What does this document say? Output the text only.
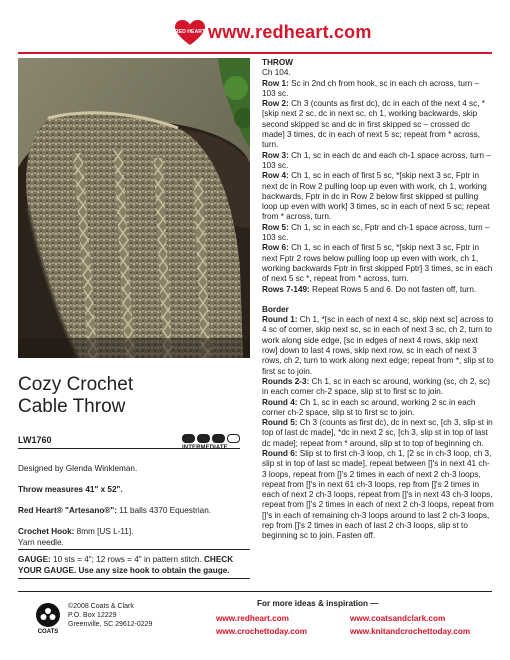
RED HEART www.redheart.com
Cozy Crochet
Cable Throw
LW1760
INTERMEDIATE
Designed by Glenda Winkleman.
Throw measures 41" x 52".
Red Heart® "Artesano®": 11 balls 4370 Equestrian.
Crochet Hook: 8mm [US L-11].
Yarn needle.
GAUGE: 10 sts = 4"; 12 rows = 4" in pattern stitch. CHECK YOUR GAUGE. Use any size hook to obtain the gauge.

THROW

Ch 104.

Row 1: Sc in 2nd ch from hook, sc in each ch across, turn – 103 sc.

Row 2: Ch 3 (counts as first dc), dc in each of the next 4 sc, *[skip next 2 sc, dc in next sc, ch 1, working backwards, skip second skipped sc and dc in first skipped sc – crossed dc made] 3 times, dc in each of next 5 sc; repeat from * across, turn.

Row 3: Ch 1, sc in each dc and each ch-1 space across, turn – 103 sc.

Row 4: Ch 1, sc in each of first 5 sc, *[skip next 3 sc, Fptr in next dc in Row 2 pulling loop up even with work, ch 1, working backwards, Fptr in dc in Row 2 below first skipped st pulling loop up even with work] 3 times, sc in each of next 5 sc; repeat from * across, turn.

Row 5: Ch 1, sc in each sc, Fptr and ch-1 space across, turn – 103 sc.

Row 6: Ch 1, sc in each of first 5 sc, *[skip next 3 sc, Fptr in next Fptr 2 rows below pulling loop up even with work, ch 1, working backwards Fptr in first skipped Fptr] 3 times, sc in each of next 5 sc *, repeat from * across, turn.

Rows 7-149: Repeat Rows 5 and 6. Do not fasten off, turn.

Border

Round 1: Ch 1, *[sc in each of next 4 sc, skip next sc] across to 4 sc of corner, skip next sc, sc in each of next 3 sc, ch 2, turn to work along side edge, [sc in edges of next 4 rows, skip next row] down to last 4 rows, skip next row, sc in each of next 3 rows, ch 2, turn to work along next edge; repeat from *, slip st to first sc to join.

Rounds 2-3: Ch 1, sc in each sc around, working (sc, ch 2, sc) in each corner ch-2 space, slip st to first sc to join.

Round 4: Ch 1, sc in each sc around, working 2 sc in each corner ch-2 space, slip st to first sc to join.

Round 5: Ch 3 (counts as first dc), dc in next sc, [ch 3, slip st in top of last dc made], *dc in next 2 sc, [ch 3, slip st in top of last dc made]; repeat from * around, slip st to top of beginning ch.

Round 6: Slip st to first ch-3 loop, ch 1, [2 sc in ch-3 loop, ch 3, slip st in top of last sc made], repeat between []'s in next 41 ch-3 loops, repeat from []'s 2 times in each of next 2 ch-3 loops, repeat from []'s in next 61 ch-3 loops, rep from []'s 2 times in each of next 2 ch-3 loops, repeat from []'s in next 43 ch-3 loops, repeat from []'s 2 times in each of next 2 ch-3 loops, repeat from []'s in each of remaining ch-3 loops around to last 2 ch-3 loops, rep from []'s 2 times in each of last 2 ch-3 loops, slip st to beginning sc to join. Fasten off.

COATS
©2008 Coats & Clark
P.O. Box 12229
Greenville, SC 29612-0229
For more ideas & inspiration —
www.redheart.com	www.coatsandclark.com
www.crochettoday.com	www.knitandcrochettoday.com
